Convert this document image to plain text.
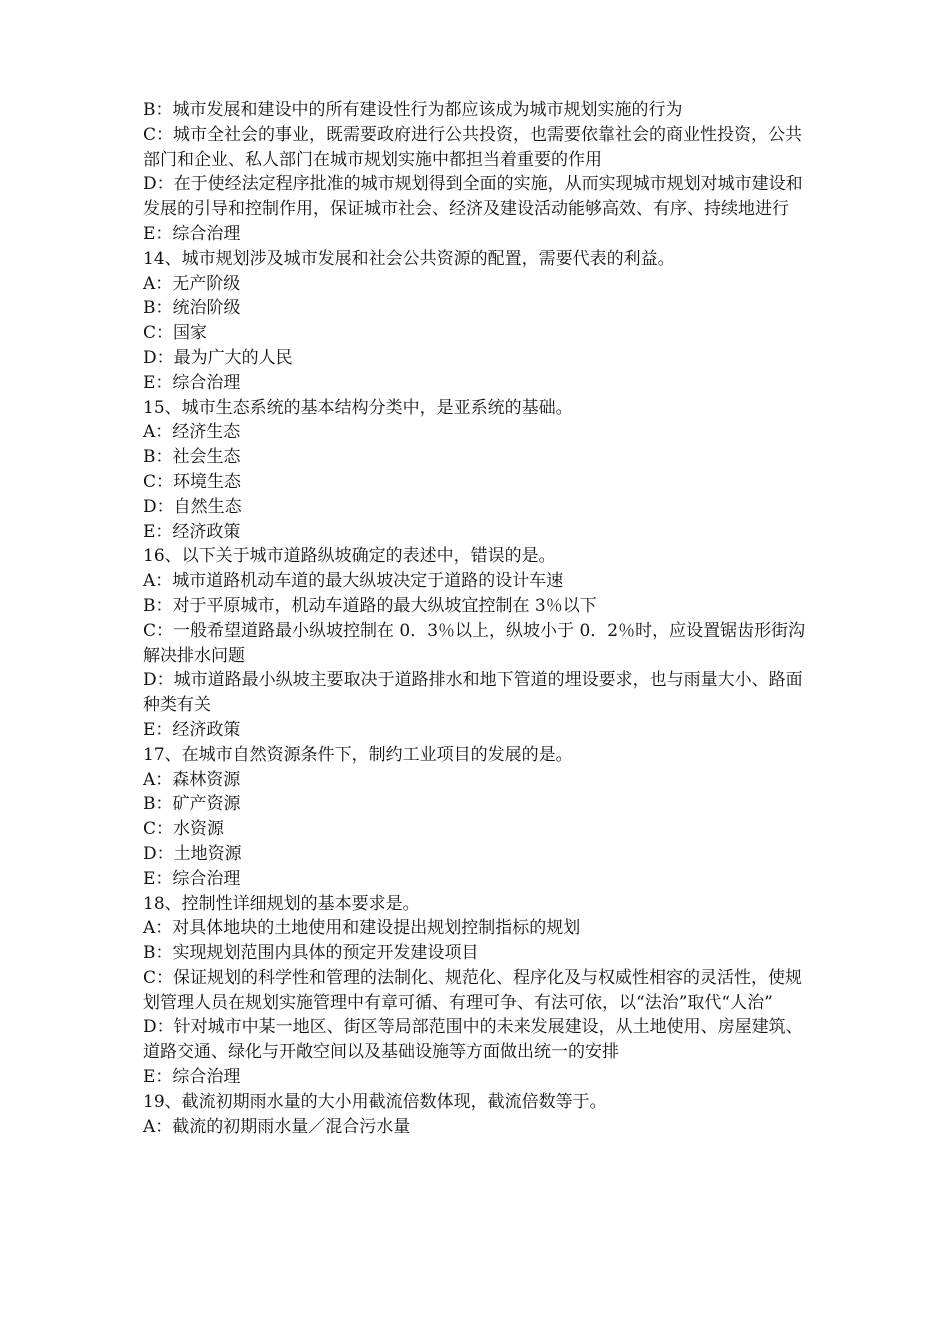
B：城市发展和建设中的所有建设性行为都应该成为城市规划实施的行为
C：城市全社会的事业，既需要政府进行公共投资，也需要依靠社会的商业性投资，公共部门和企业、私人部门在城市规划实施中都担当着重要的作用
D：在于使经法定程序批准的城市规划得到全面的实施，从而实现城市规划对城市建设和发展的引导和控制作用，保证城市社会、经济及建设活动能够高效、有序、持续地进行
E：综合治理
14、城市规划涉及城市发展和社会公共资源的配置，需要代表的利益。
A：无产阶级
B：统治阶级
C：国家
D：最为广大的人民
E：综合治理
15、城市生态系统的基本结构分类中，是亚系统的基础。
A：经济生态
B：社会生态
C：环境生态
D：自然生态
E：经济政策
16、以下关于城市道路纵坡确定的表述中，错误的是。
A：城市道路机动车道的最大纵坡决定于道路的设计车速
B：对于平原城市，机动车道路的最大纵坡宜控制在 3％以下
C：一般希望道路最小纵坡控制在 0．3％以上，纵坡小于 0．2％时，应设置锯齿形街沟解决排水问题
D：城市道路最小纵坡主要取决于道路排水和地下管道的埋设要求，也与雨量大小、路面种类有关
E：经济政策
17、在城市自然资源条件下，制约工业项目的发展的是。
A：森林资源
B：矿产资源
C：水资源
D：土地资源
E：综合治理
18、控制性详细规划的基本要求是。
A：对具体地块的土地使用和建设提出规划控制指标的规划
B：实现规划范围内具体的预定开发建设项目
C：保证规划的科学性和管理的法制化、规范化、程序化及与权威性相容的灵活性，使规划管理人员在规划实施管理中有章可循、有理可争、有法可依，以“法治”取代“人治”
D：针对城市中某一地区、街区等局部范围中的未来发展建设，从土地使用、房屋建筑、道路交通、绿化与开敞空间以及基础设施等方面做出统一的安排
E：综合治理
19、截流初期雨水量的大小用截流倍数体现，截流倍数等于。
A：截流的初期雨水量／混合污水量
